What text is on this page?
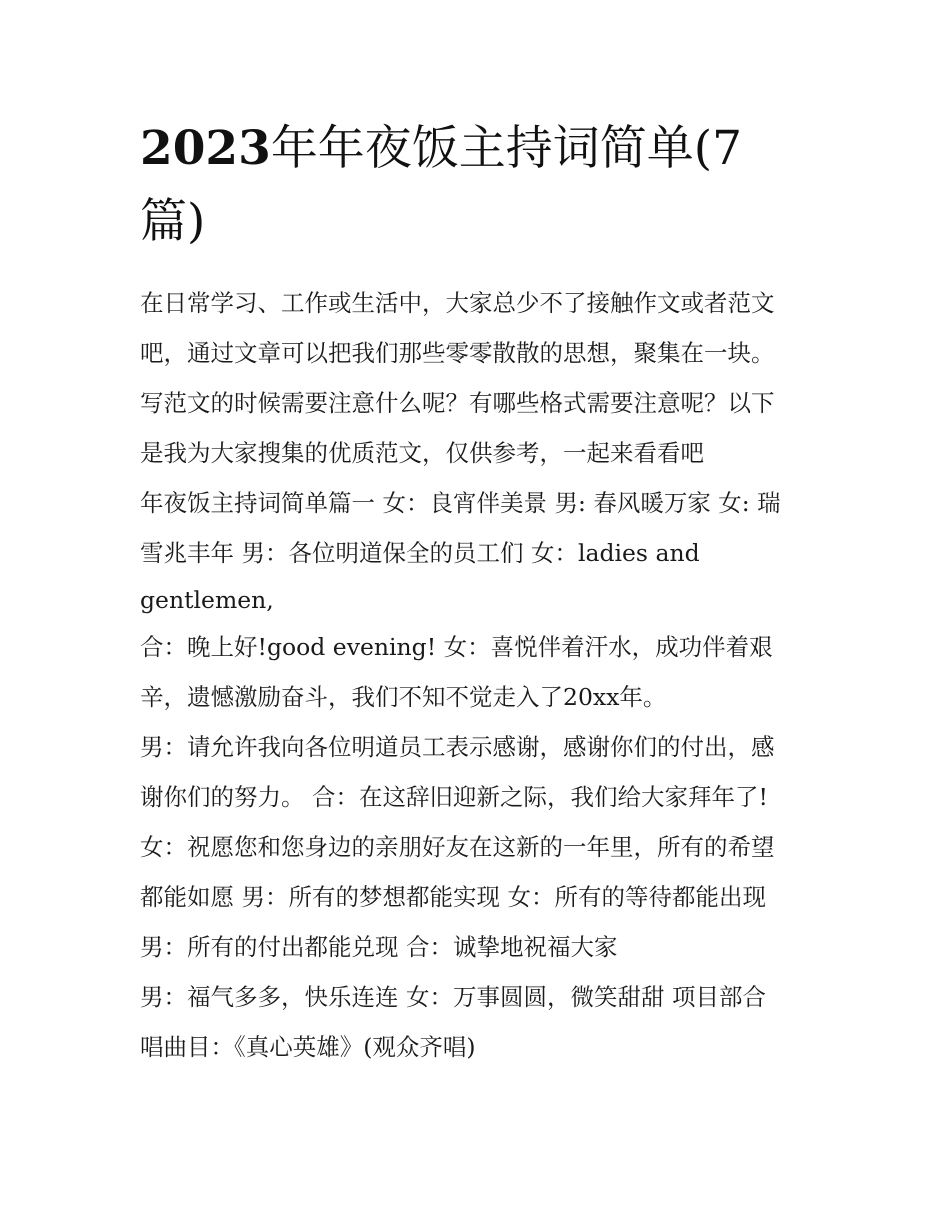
2023年年夜饭主持词简单(7
篇)

在日常学习、工作或生活中，大家总少不了接触作文或者范文
吧，通过文章可以把我们那些零零散散的思想，聚集在一块。
写范文的时候需要注意什么呢？有哪些格式需要注意呢？以下
是我为大家搜集的优质范文，仅供参考，一起来看看吧

年夜饭主持词简单篇一 女：良宵伴美景 男: 春风暖万家 女: 瑞
雪兆丰年 男：各位明道保全的员工们 女：ladies and

gentlemen,

合：晚上好!good evening! 女：喜悦伴着汗水，成功伴着艰
辛，遗憾激励奋斗，我们不知不觉走入了20xx年。

男：请允许我向各位明道员工表示感谢，感谢你们的付出，感
谢你们的努力。 合：在这辞旧迎新之际，我们给大家拜年了!
女：祝愿您和您身边的亲朋好友在这新的一年里，所有的希望
都能如愿 男：所有的梦想都能实现 女：所有的等待都能出现
男：所有的付出都能兑现 合：诚挚地祝福大家

男：福气多多，快乐连连 女：万事圆圆，微笑甜甜 项目部合
唱曲目：《真心英雄》(观众齐唱)
